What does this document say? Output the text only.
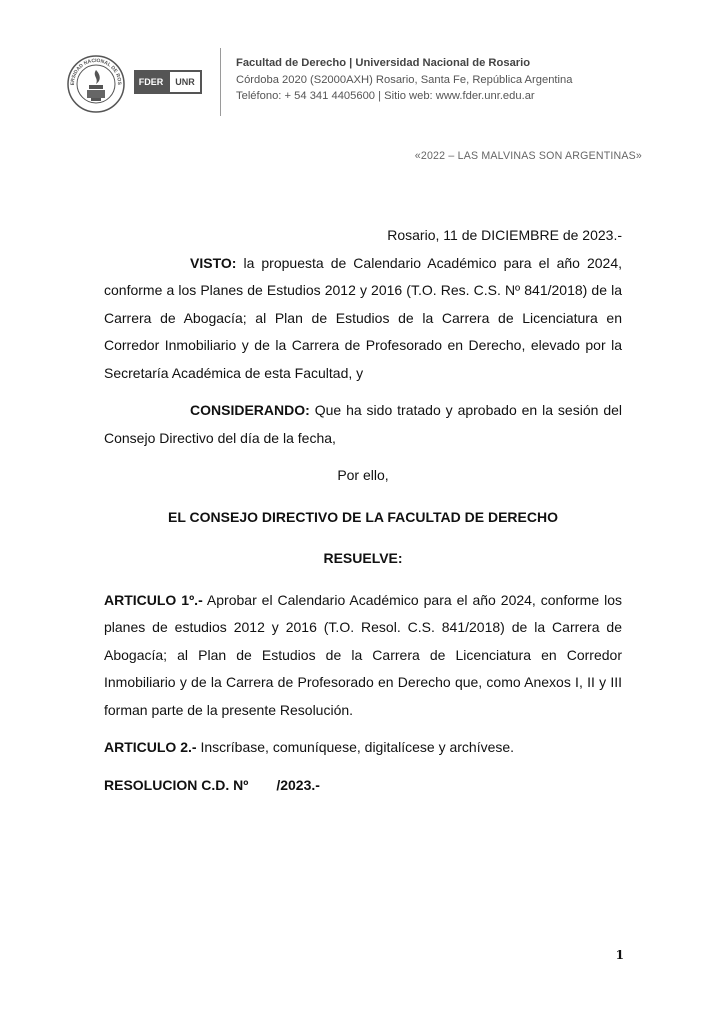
ERSIDAD NACIONAL DE ROS	FDER	UNR
Facultad de Derecho | Universidad Nacional de Rosario
Córdoba 2020 (S2000AXH) Rosario, Santa Fe, República Argentina
Teléfono: + 54 341 4405600 | Sitio web: www.fder.unr.edu.ar
«2022 – LAS MALVINAS SON ARGENTINAS»

Rosario, 11 de DICIEMBRE de 2023.-

VISTO: la propuesta de Calendario Académico para el año 2024, conforme a los Planes de Estudios 2012 y 2016 (T.O. Res. C.S. Nº 841/2018) de la Carrera de Abogacía; al Plan de Estudios de la Carrera de Licenciatura en Corredor Inmobiliario y de la Carrera de Profesorado en Derecho, elevado por la Secretaría Académica de esta Facultad, y

CONSIDERANDO: Que ha sido tratado y aprobado en la sesión del Consejo Directivo del día de la fecha,

Por ello,

EL CONSEJO DIRECTIVO DE LA FACULTAD DE DERECHO

RESUELVE:

ARTICULO 1º.- Aprobar el Calendario Académico para el año 2024, conforme los planes de estudios 2012 y 2016 (T.O. Resol. C.S. 841/2018) de la Carrera de Abogacía; al Plan de Estudios de la Carrera de Licenciatura en Corredor Inmobiliario y de la Carrera de Profesorado en Derecho que, como Anexos I, II y III forman parte de la presente Resolución.

ARTICULO 2.- Inscríbase, comuníquese, digitalícese y archívese.

RESOLUCION C.D. Nº /2023.-

1
